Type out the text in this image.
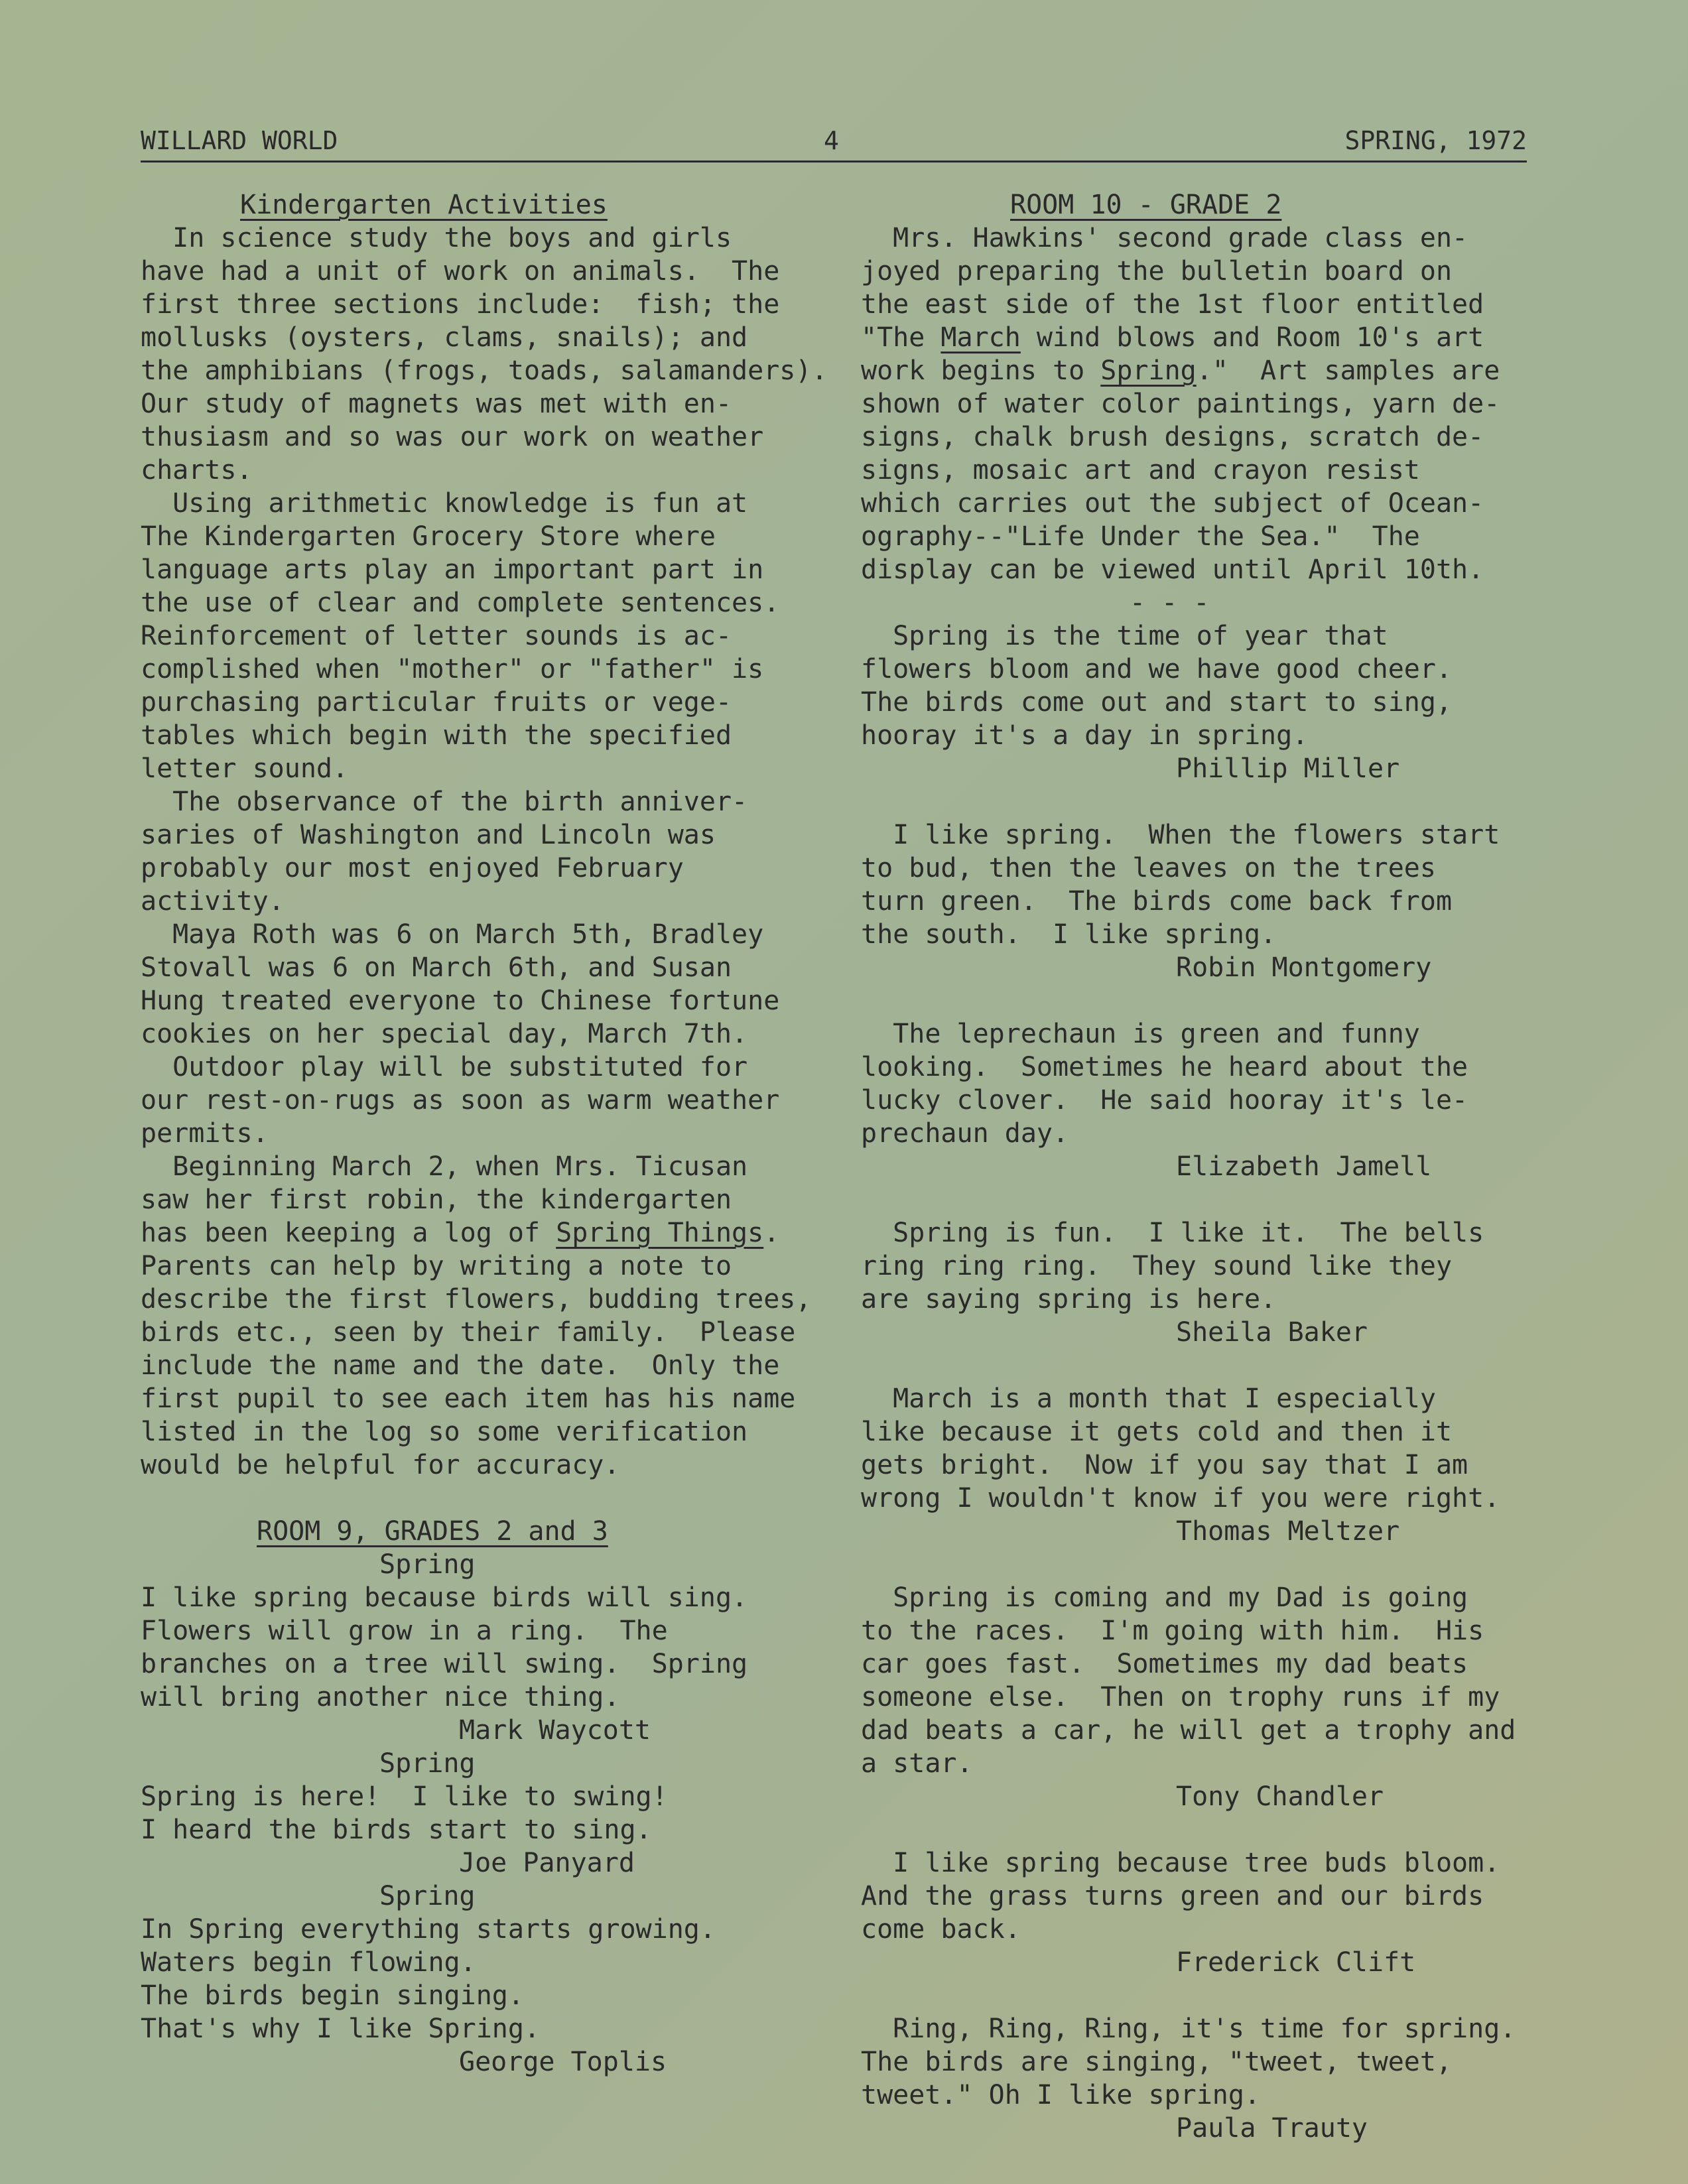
WILLARD WORLD	4	SPRING, 1972
Kindergarten Activities
In science study the boys and girls
have had a unit of work on animals.  The
first three sections include:  fish; the
mollusks (oysters, clams, snails); and
the amphibians (frogs, toads, salamanders).
Our study of magnets was met with en-
thusiasm and so was our work on weather
charts.
Using arithmetic knowledge is fun at
The Kindergarten Grocery Store where
language arts play an important part in
the use of clear and complete sentences.
Reinforcement of letter sounds is ac-
complished when "mother" or "father" is
purchasing particular fruits or vege-
tables which begin with the specified
letter sound.
The observance of the birth anniver-
saries of Washington and Lincoln was
probably our most enjoyed February
activity.
Maya Roth was 6 on March 5th, Bradley
Stovall was 6 on March 6th, and Susan
Hung treated everyone to Chinese fortune
cookies on her special day, March 7th.
Outdoor play will be substituted for
our rest-on-rugs as soon as warm weather
permits.
Beginning March 2, when Mrs. Ticusan
saw her first robin, the kindergarten
has been keeping a log of Spring Things.
Parents can help by writing a note to
describe the first flowers, budding trees,
birds etc., seen by their family.  Please
include the name and the date.  Only the
first pupil to see each item has his name
listed in the log so some verification
would be helpful for accuracy.
ROOM 9, GRADES 2 and 3
Spring
I like spring because birds will sing.
Flowers will grow in a ring.  The
branches on a tree will swing.  Spring
will bring another nice thing.
Mark Waycott
Spring
Spring is here!  I like to swing!
I heard the birds start to sing.
Joe Panyard
Spring
In Spring everything starts growing.
Waters begin flowing.
The birds begin singing.
That's why I like Spring.
George Toplis
ROOM 10 - GRADE 2
Mrs. Hawkins' second grade class en-
joyed preparing the bulletin board on
the east side of the 1st floor entitled
"The March wind blows and Room 10's art
work begins to Spring."  Art samples are
shown of water color paintings, yarn de-
signs, chalk brush designs, scratch de-
signs, mosaic art and crayon resist
which carries out the subject of Ocean-
ography--"Life Under the Sea."  The
display can be viewed until April 10th.
- - -
Spring is the time of year that
flowers bloom and we have good cheer.
The birds come out and start to sing,
hooray it's a day in spring.
Phillip Miller
I like spring.  When the flowers start
to bud, then the leaves on the trees
turn green.  The birds come back from
the south.  I like spring.
Robin Montgomery
The leprechaun is green and funny
looking.  Sometimes he heard about the
lucky clover.  He said hooray it's le-
prechaun day.
Elizabeth Jamell
Spring is fun.  I like it.  The bells
ring ring ring.  They sound like they
are saying spring is here.
Sheila Baker
March is a month that I especially
like because it gets cold and then it
gets bright.  Now if you say that I am
wrong I wouldn't know if you were right.
Thomas Meltzer
Spring is coming and my Dad is going
to the races.  I'm going with him.  His
car goes fast.  Sometimes my dad beats
someone else.  Then on trophy runs if my
dad beats a car, he will get a trophy and
a star.
Tony Chandler
I like spring because tree buds bloom.
And the grass turns green and our birds
come back.
Frederick Clift
Ring, Ring, Ring, it's time for spring.
The birds are singing, "tweet, tweet,
tweet." Oh I like spring.
Paula Trauty
